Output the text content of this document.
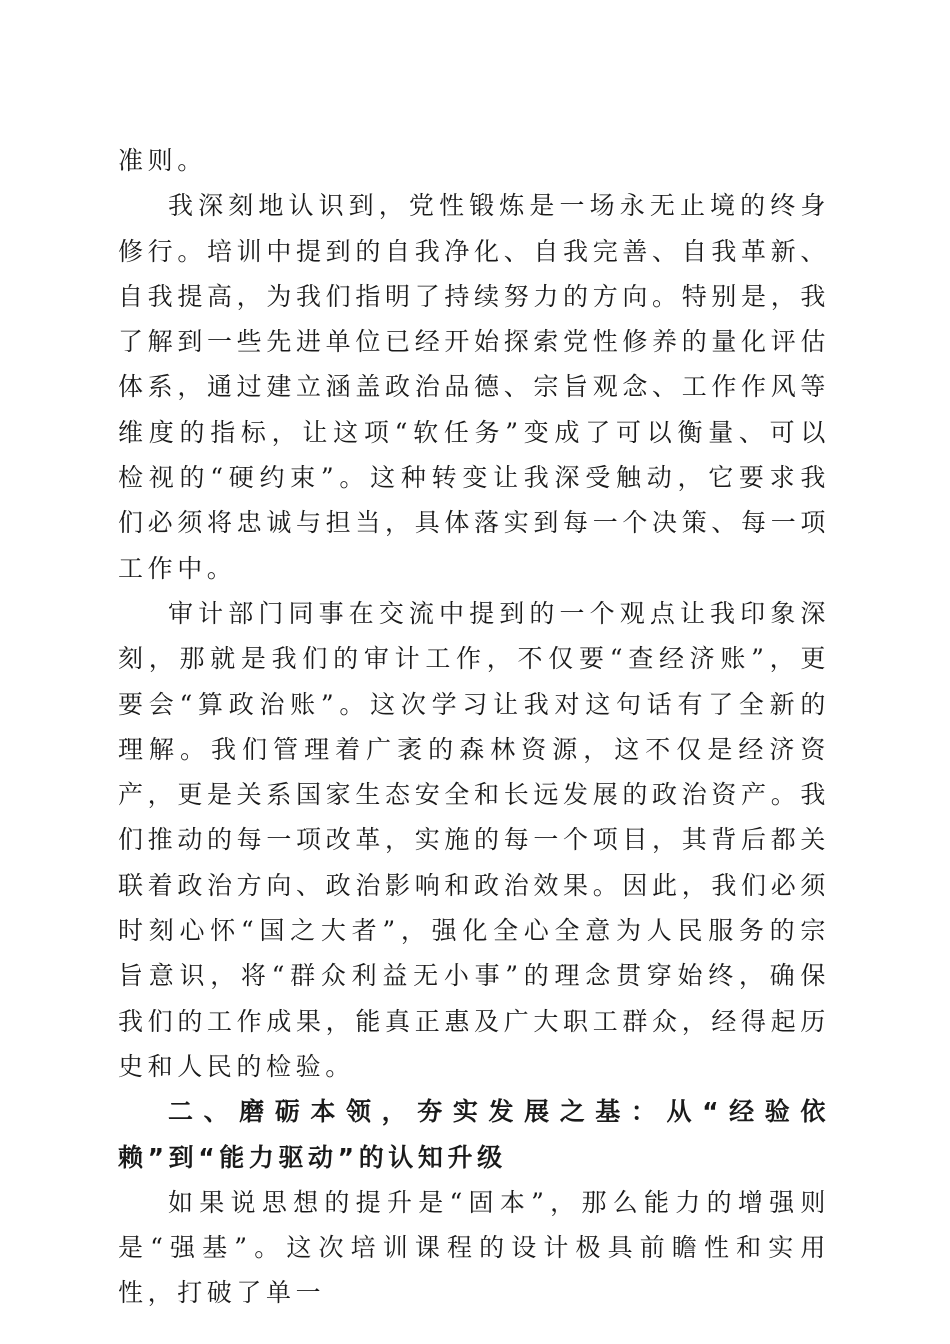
准则。

我深刻地认识到，党性锻炼是一场永无止境的终身修行。培训中提到的自我净化、自我完善、自我革新、自我提高，为我们指明了持续努力的方向。特别是，我了解到一些先进单位已经开始探索党性修养的量化评估体系，通过建立涵盖政治品德、宗旨观念、工作作风等维度的指标，让这项“软任务”变成了可以衡量、可以检视的“硬约束”。这种转变让我深受触动，它要求我们必须将忠诚与担当，具体落实到每一个决策、每一项工作中。

审计部门同事在交流中提到的一个观点让我印象深刻，那就是我们的审计工作，不仅要“查经济账”，更要会“算政治账”。这次学习让我对这句话有了全新的理解。我们管理着广袤的森林资源，这不仅是经济资产，更是关系国家生态安全和长远发展的政治资产。我们推动的每一项改革，实施的每一个项目，其背后都关联着政治方向、政治影响和政治效果。因此，我们必须时刻心怀“国之大者”，强化全心全意为人民服务的宗旨意识，将“群众利益无小事”的理念贯穿始终，确保我们的工作成果，能真正惠及广大职工群众，经得起历史和人民的检验。

二、磨砺本领，夯实发展之基：从“经验依赖”到“能力驱动”的认知升级

如果说思想的提升是“固本”，那么能力的增强则是“强基”。这次培训课程的设计极具前瞻性和实用性，打破了单一
